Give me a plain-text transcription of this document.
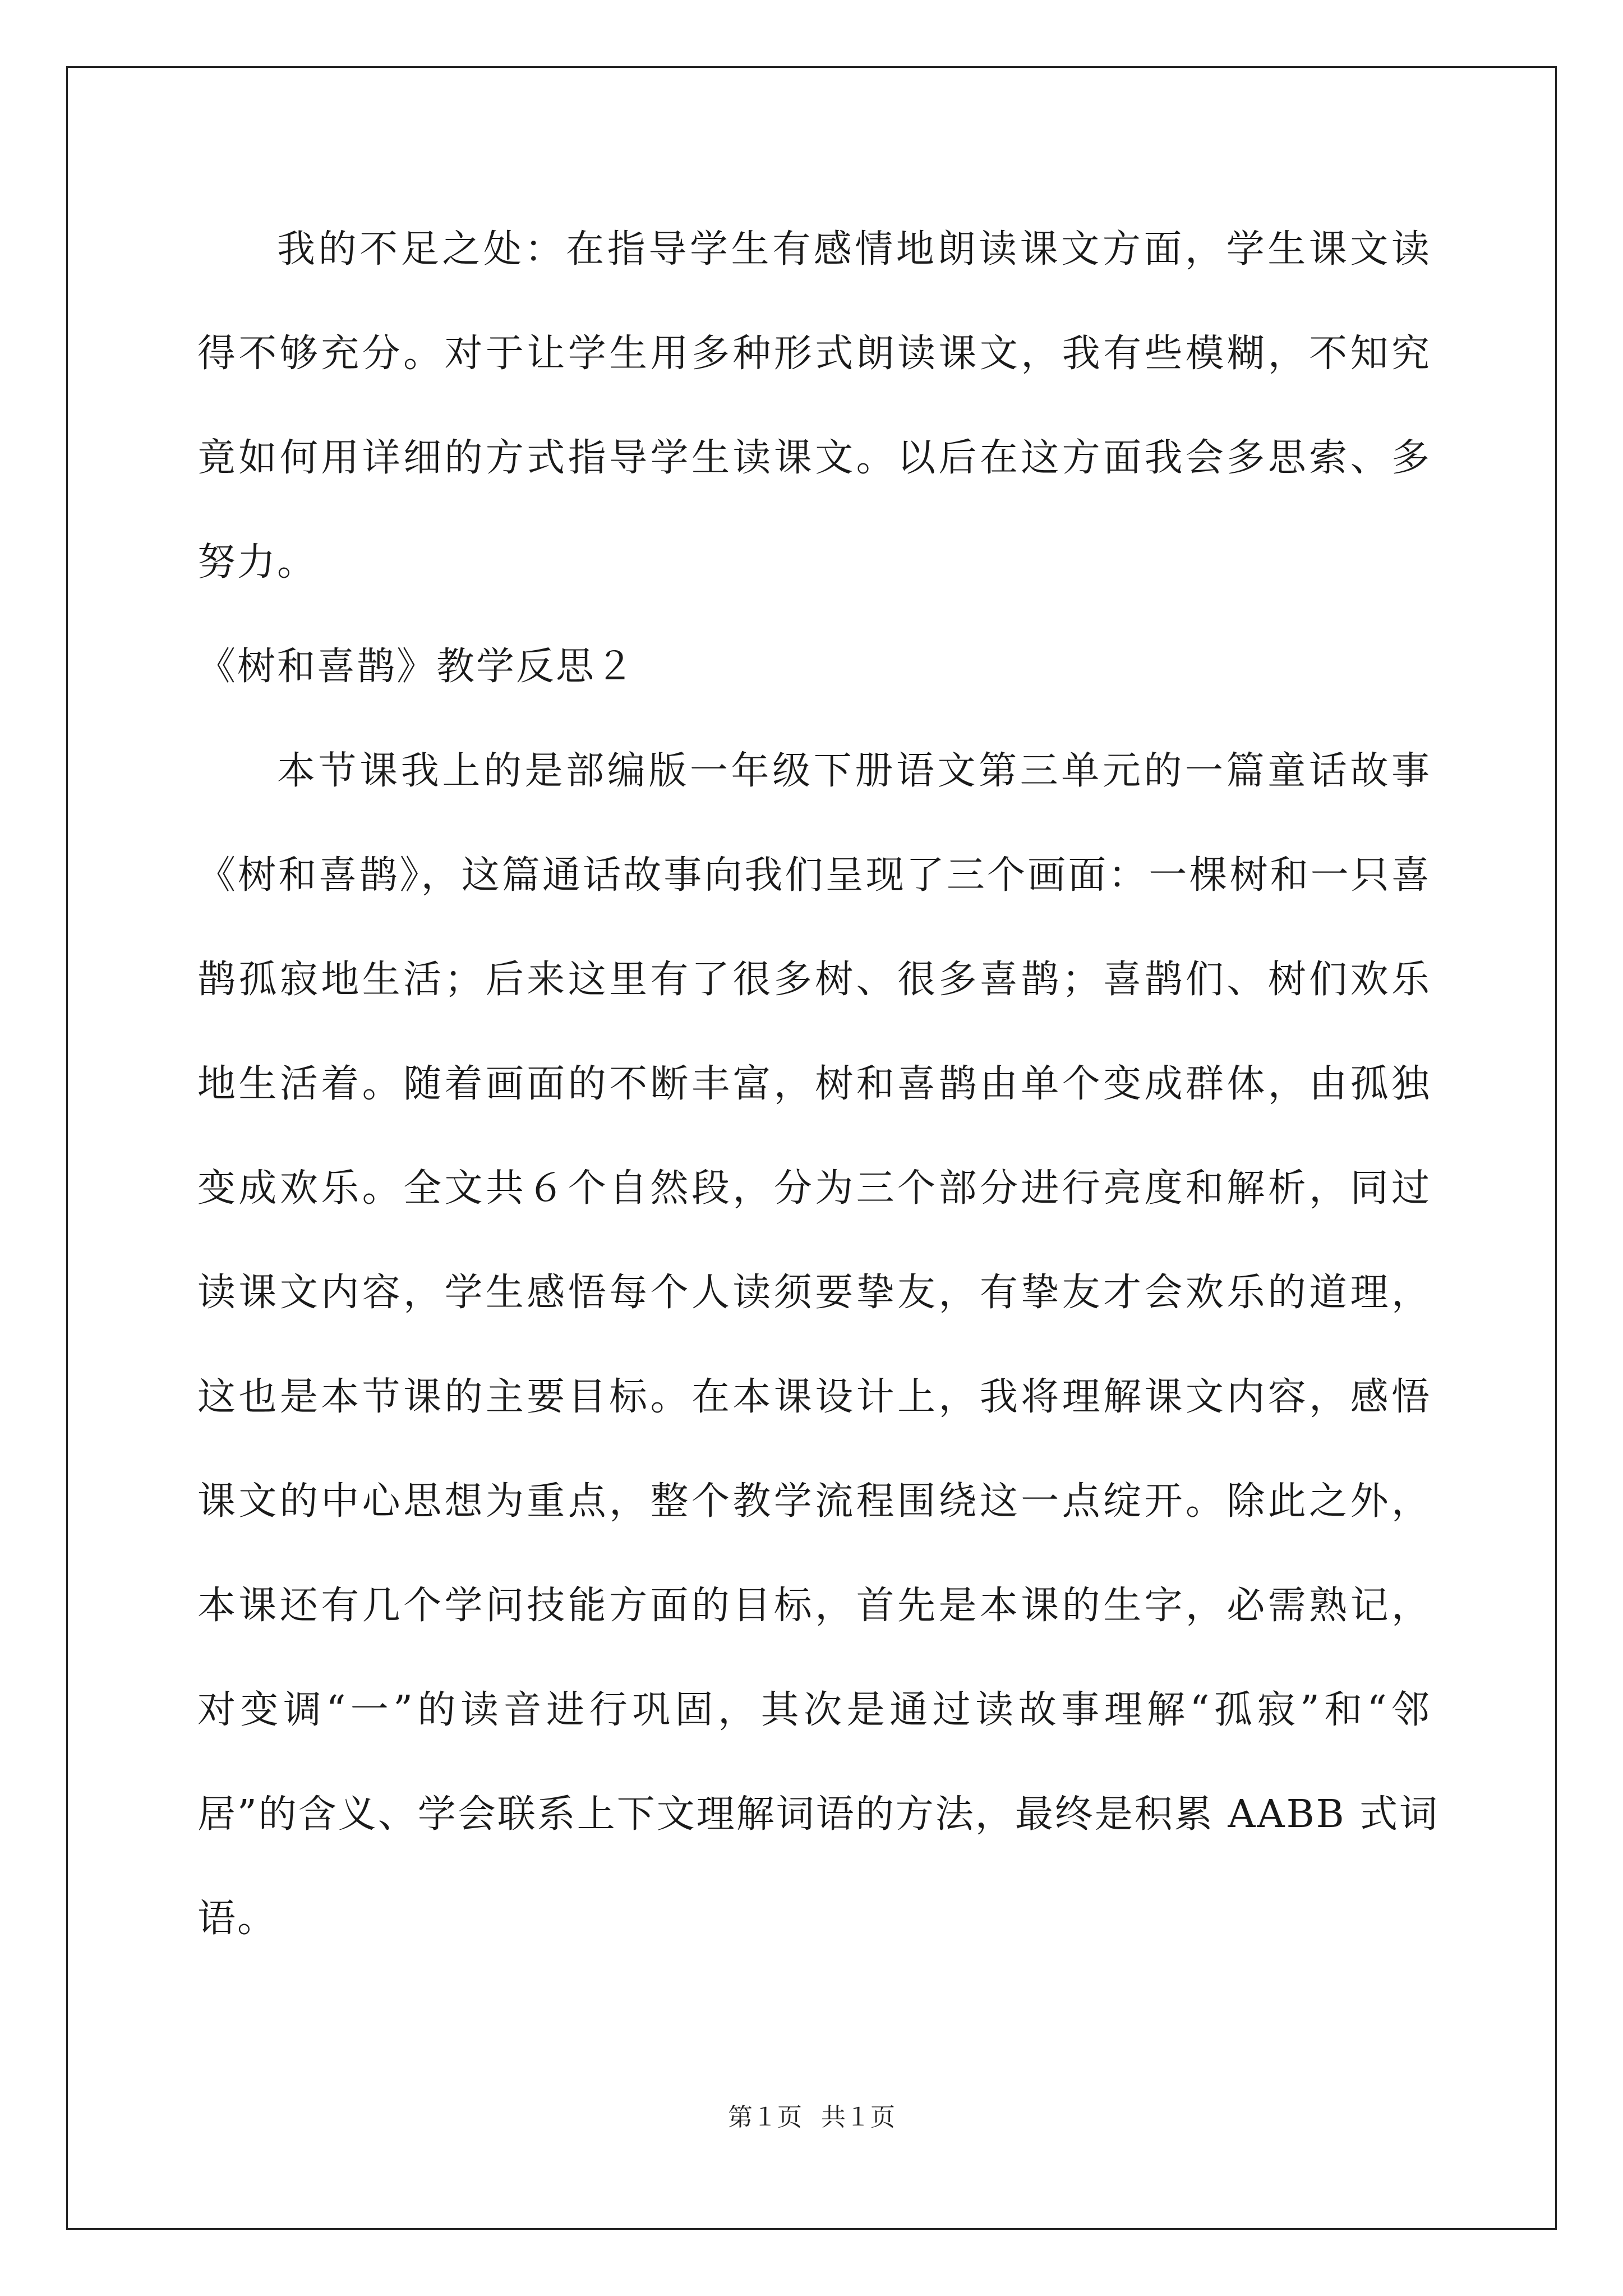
我的不足之处：在指导学生有感情地朗读课文方面，学生课文读
得不够充分。对于让学生用多种形式朗读课文，我有些模糊，不知究
竟如何用详细的方式指导学生读课文。以后在这方面我会多思索、多
努力。
《树和喜鹊》教学反思２
本节课我上的是部编版一年级下册语文第三单元的一篇童话故事
《树和喜鹊》，这篇通话故事向我们呈现了三个画面：一棵树和一只喜
鹊孤寂地生活；后来这里有了很多树、很多喜鹊；喜鹊们、树们欢乐
地生活着。随着画面的不断丰富，树和喜鹊由单个变成群体，由孤独
变成欢乐。全文共６个自然段，分为三个部分进行亮度和解析，同过
读课文内容，学生感悟每个人读须要挚友，有挚友才会欢乐的道理，
这也是本节课的主要目标。在本课设计上，我将理解课文内容，感悟
课文的中心思想为重点，整个教学流程围绕这一点绽开。除此之外，
本课还有几个学问技能方面的目标，首先是本课的生字，必需熟记，
对变调“一”的读音进行巩固，其次是通过读故事理解“孤寂”和“邻
居”的含义、学会联系上下文理解词语的方法，最终是积累 AABB 式词
语。
第１页 共１页
